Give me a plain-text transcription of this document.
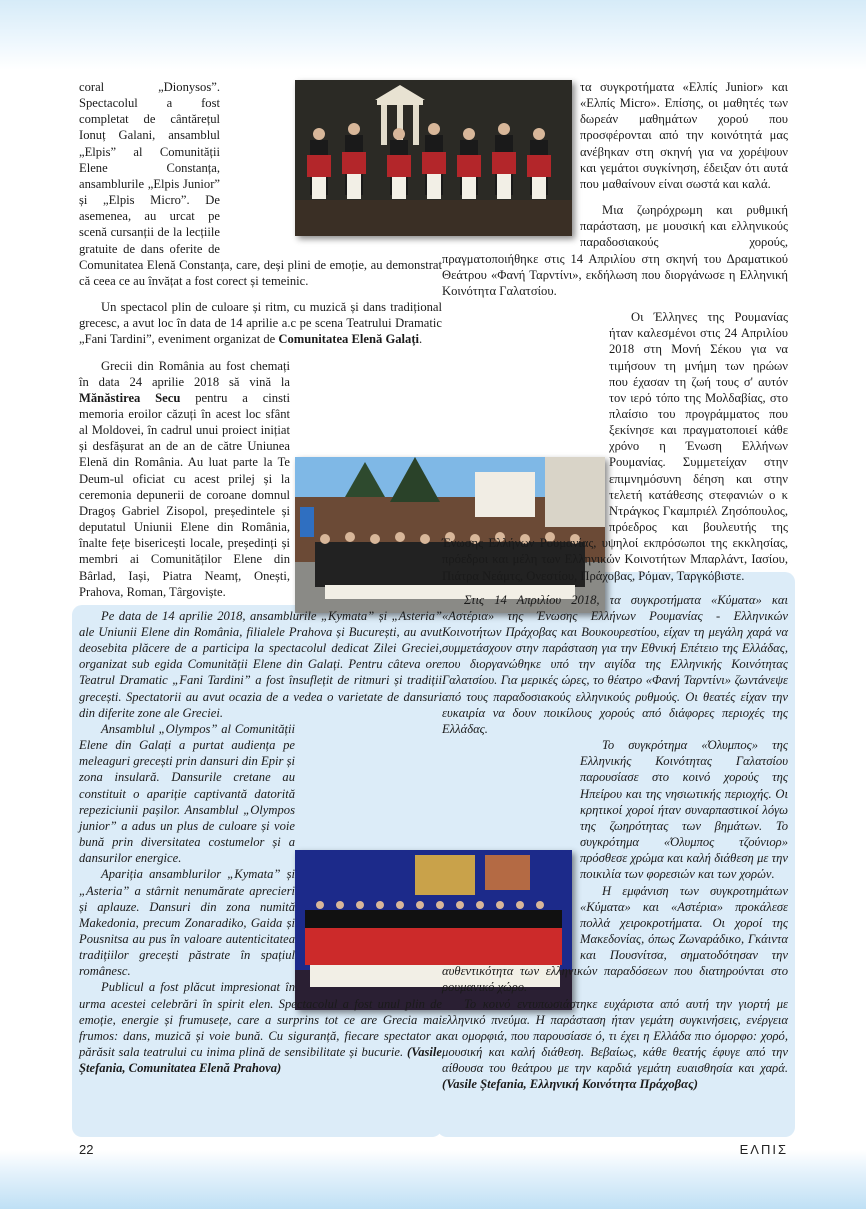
coral „Dionysos”. Spectacolul a fost completat de cântărețul Ionuț Galani, ansamblul „Elpis” al Comunității Elene Constanța, ansamblurile „Elpis Junior” și „Elpis Micro”. De asemenea, au urcat pe scenă cursanții de la lecțiile gratuite de dans oferite de Comunitatea Elenă Constanța, care, deși plini de emoție, au demonstrat că ceea ce au învățat a fost corect și temeinic.

Un spectacol plin de culoare și ritm, cu muzică și dans tradițional grecesc, a avut loc în data de 14 aprilie a.c pe scena Teatrului Dramatic „Fani Tardini”, eveniment organizat de Comunitatea Elenă Galați.

Grecii din România au fost chemați în data 24 aprilie 2018 să vină la Mănăstirea Secu pentru a cinsti memoria eroilor căzuți în acest loc sfânt al Moldovei, în cadrul unui proiect inițiat și desfășurat an de an de către Uniunea Elenă din România. Au luat parte la Te Deum-ul oficiat cu acest prilej și la ceremonia depunerii de coroane domnul Dragoș Gabriel Zisopol, președintele și deputatul Uniunii Elene din România, înalte fețe bisericești locale, președinți și membri ai Comunităților Elene din Bârlad, Iași, Piatra Neamț, Onești, Prahova, Roman, Târgoviște.

Pe data de 14 aprilie 2018, ansamblurile „Kymata” și „Asteria” ale Uniunii Elene din România, filialele Prahova și București, au avut deosebita plăcere de a participa la spectacolul dedicat Zilei Greciei, organizat sub egida Comunității Elene din Galați. Pentru câteva ore Teatrul Dramatic „Fani Tardini” a fost însuflețit de ritmuri și tradiții grecești. Spectatorii au avut ocazia de a vedea o varietate de dansuri din diferite zone ale Greciei.

Ansamblul „Olympos” al Comunității Elene din Galați a purtat audiența pe meleaguri grecești prin dansuri din Epir și zona insulară. Dansurile cretane au constituit o apariție captivantă datorită repeziciunii pașilor. Ansamblul „Olympos junior” a adus un plus de culoare și voie bună prin diversitatea costumelor și a dansurilor energice.

Apariția ansamblurilor „Kymata” și „Asteria” a stârnit nenumărate aprecieri și aplauze. Dansuri din zona numită Makedonia, precum Zonaradiko, Gaida și Pousnitsa au pus în valoare autenticitatea tradițiilor grecești păstrate în spațiul românesc.

Publicul a fost plăcut impresionat în urma acestei celebrări în spirit elen. Spectacolul a fost unul plin de emoție, energie și frumusețe, care a surprins tot ce are Grecia mai frumos: dans, muzică și voie bună. Cu siguranță, fiecare spectator a părăsit sala teatrului cu inima plină de sensibilitate și bucurie. (Vasile Ștefania, Comunitatea Elenă Prahova)

τα συγκροτήματα «Ελπίς Junior» και «Ελπίς Micro». Επίσης, οι μαθητές των δωρεάν μαθημάτων χορού που προσφέρονται από την κοινότητά μας ανέβηκαν στη σκηνή για να χορέψουν και γεμάτοι συγκίνηση, έδειξαν ότι αυτά που μαθαίνουν είναι σωστά και καλά.

Μια ζωηρόχρωμη και ρυθμική παράσταση, με μουσική και ελληνικούς παραδοσιακούς χορούς, πραγματοποιήθηκε στις 14 Απριλίου στη σκηνή του Δραματικού Θεάτρου «Φανή Ταρντίνι», εκδήλωση που διοργάνωσε η Ελληνική Κοινότητα Γαλατσίου.

Οι Έλληνες της Ρουμανίας ήταν καλεσμένοι στις 24 Απριλίου 2018 στη Μονή Σέκου για να τιμήσουν τη μνήμη των ηρώων που έχασαν τη ζωή τους σ' αυτόν τον ιερό τόπο της Μολδαβίας, στο πλαίσιο του προγράμματος που ξεκίνησε και πραγματοποιεί κάθε χρόνο η Ένωση Ελλήνων Ρουμανίας. Συμμετείχαν στην επιμνημόσυνη δέηση και στην τελετή κατάθεσης στεφανιών ο κ Ντράγκος Γκαμπριέλ Ζησόπουλος, πρόεδρος και βουλευτής της Ένωσης Ελλήνων Ρουμανίας, υψηλοί εκπρόσωποι της εκκλησίας, πρόεδροι και μέλη των Ελληνικών Κοινοτήτων Μπαρλάντ, Ιασίου, Πιάτρα Νεάμτς, Ονεστίου, Πράχοβας, Ρόμαν, Ταργκόβιστε.

Στις 14 Απριλίου 2018, τα συγκροτήματα «Κύματα» και «Αστέρια» της Ένωσης Ελλήνων Ρουμανίας - Ελληνικών Κοινοτήτων Πράχοβας και Βουκουρεστίου, είχαν τη μεγάλη χαρά να συμμετάσχουν στην παράσταση για την Εθνική Επέτειο της Ελλάδας, που διοργανώθηκε υπό την αιγίδα της Ελληνικής Κοινότητας Γαλατσίου. Για μερικές ώρες, το θέατρο «Φανή Ταρντίνι» ζωντάνεψε από τους παραδοσιακούς ελληνικούς ρυθμούς. Οι θεατές είχαν την ευκαιρία να δουν ποικίλους χορούς από διάφορες περιοχές της Ελλάδας.

Το συγκρότημα «Όλυμπος» της Ελληνικής Κοινότητας Γαλατσίου παρουσίασε στο κοινό χορούς της Ηπείρου και της νησιωτικής περιοχής. Οι κρητικοί χοροί ήταν συναρπαστικοί λόγω της ζωηρότητας των βημάτων. Το συγκρότημα «Όλυμπος τζούνιορ» πρόσθεσε χρώμα και καλή διάθεση με την ποικιλία των φορεσιών και των χορών.

Η εμφάνιση των συγκροτημάτων «Κύματα» και «Αστέρια» προκάλεσε πολλά χειροκροτήματα. Οι χοροί της Μακεδονίας, όπως Ζωναράδικο, Γκάιντα και Πουσνίτσα, σηματοδότησαν την αυθεντικότητα των ελληνικών παραδόσεων που διατηρούνται στο ρουμανικό χώρο.

Το κοινό εντυπωσιάστηκε ευχάριστα από αυτή την γιορτή με ελληνικό πνεύμα. Η παράσταση ήταν γεμάτη συγκινήσεις, ενέργεια και ομορφιά, που παρουσίασε ό, τι έχει η Ελλάδα πιο όμορφο: χορό, μουσική και καλή διάθεση. Βεβαίως, κάθε θεατής έφυγε από την αίθουσα του θεάτρου με την καρδιά γεμάτη ευαισθησία και χαρά. (Vasile Ștefania, Ελληνική Κοινότητα Πράχοβας)

22	ΕΛΠΙΣ
